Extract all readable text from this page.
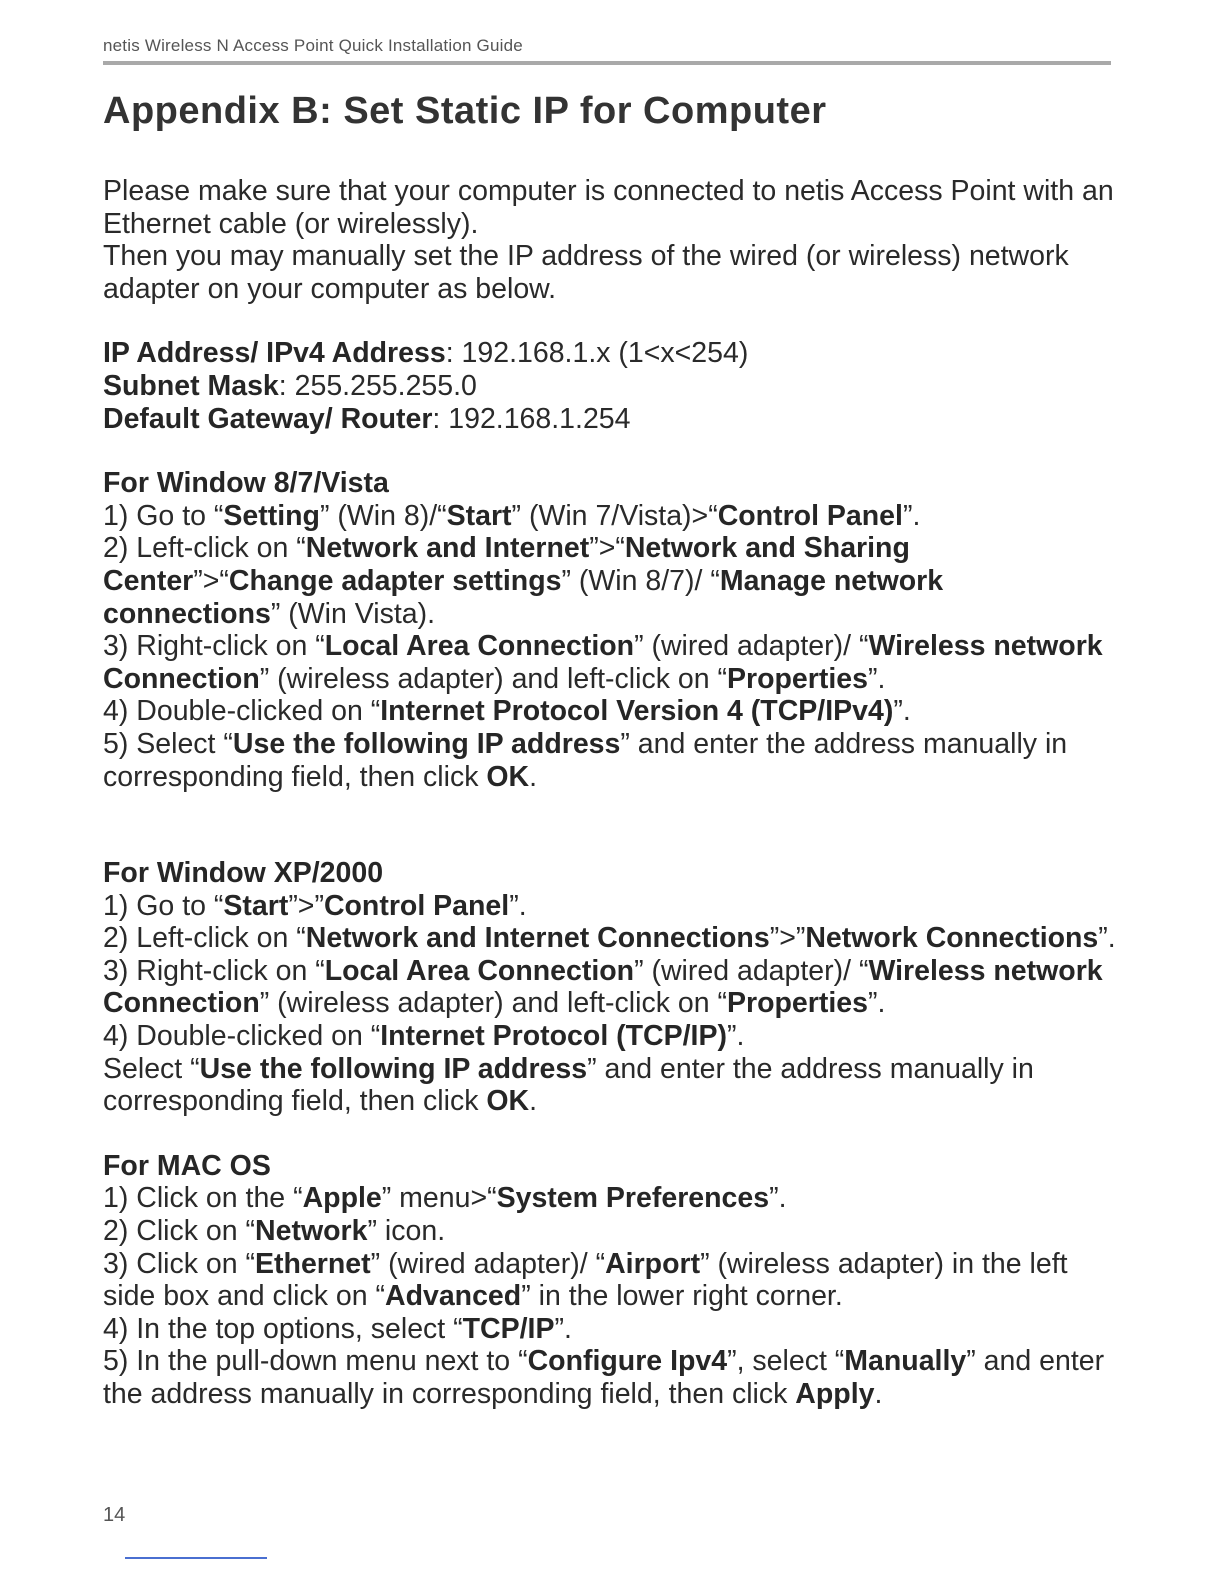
netis Wireless N Access Point Quick Installation Guide
Appendix B: Set Static IP for Computer

Please make sure that your computer is connected to netis Access Point with an Ethernet cable (or wirelessly).

Then you may manually set the IP address of the wired (or wireless) network adapter on your computer as below.

IP Address/ IPv4 Address: 192.168.1.x (1<x<254)

Subnet Mask: 255.255.255.0

Default Gateway/ Router: 192.168.1.254

For Window 8/7/Vista

1) Go to “Setting” (Win 8)/“Start” (Win 7/Vista)>“Control Panel”.

2) Left-click on “Network and Internet”>“Network and Sharing Center”>“Change adapter settings” (Win 8/7)/ “Manage network connections” (Win Vista).

3) Right-click on “Local Area Connection” (wired adapter)/ “Wireless network Connection” (wireless adapter) and left-click on “Properties”.

4) Double-clicked on “Internet Protocol Version 4 (TCP/IPv4)”.

5) Select “Use the following IP address” and enter the address manually in corresponding field, then click OK.

For Window XP/2000

1) Go to “Start”>”Control Panel”.

2) Left-click on “Network and Internet Connections”>”Network Connections”.

3) Right-click on “Local Area Connection” (wired adapter)/ “Wireless network Connection” (wireless adapter) and left-click on “Properties”.

4) Double-clicked on “Internet Protocol (TCP/IP)”.

Select “Use the following IP address” and enter the address manually in corresponding field, then click OK.

For MAC OS

1) Click on the “Apple” menu>“System Preferences”.

2) Click on “Network” icon.

3) Click on “Ethernet” (wired adapter)/ “Airport” (wireless adapter) in the left side box and click on “Advanced” in the lower right corner.

4) In the top options, select “TCP/IP”.

5) In the pull-down menu next to “Configure Ipv4”, select “Manually” and enter the address manually in corresponding field, then click Apply.

14
